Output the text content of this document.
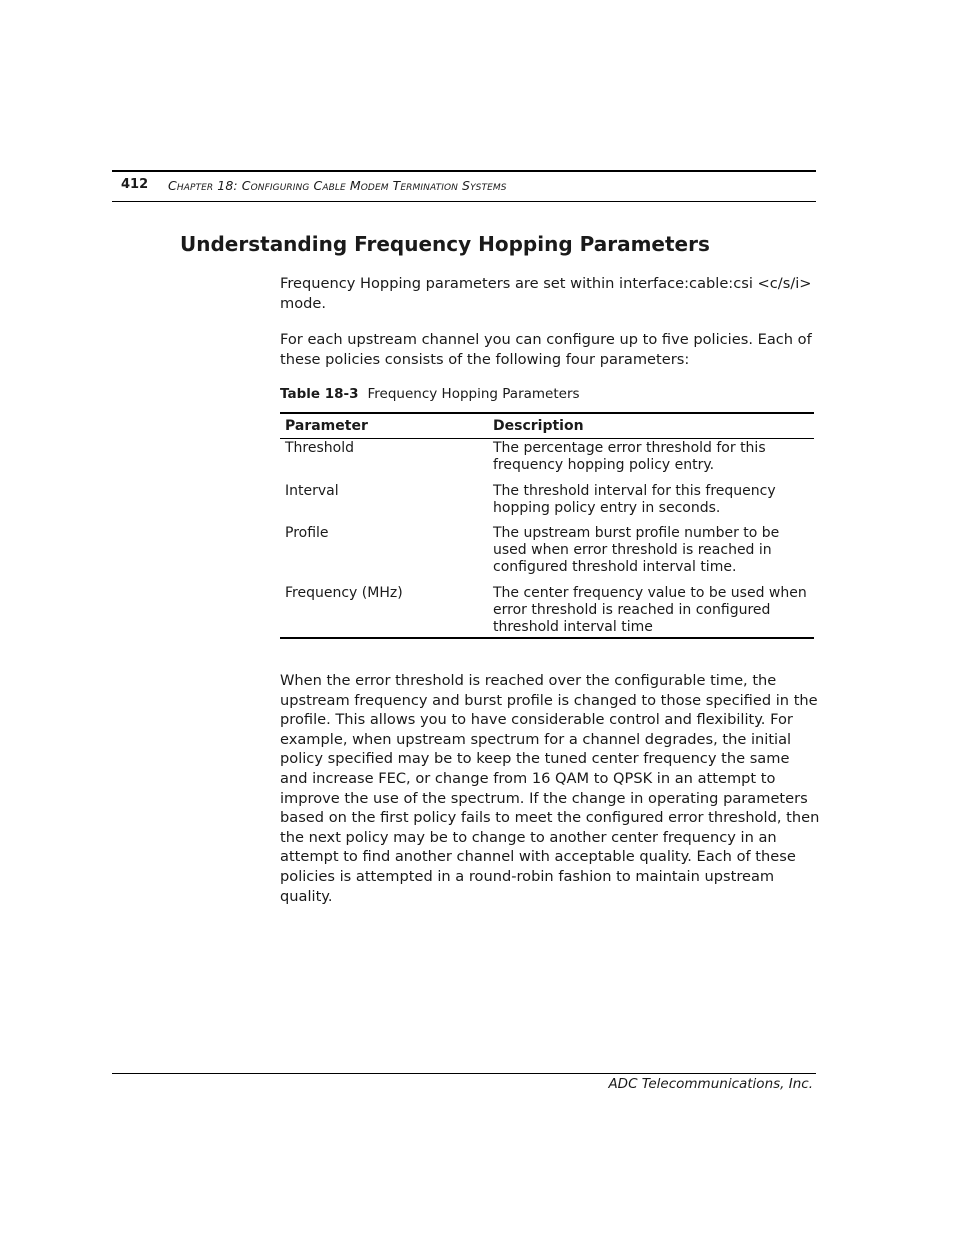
412 Chapter 18: Configuring Cable Modem Termination Systems
Understanding Frequency Hopping Parameters

Frequency Hopping parameters are set within interface:cable:csi <c/s/i> mode.

For each upstream channel you can configure up to five policies. Each of these policies consists of the following four parameters:

Table 18-3 Frequency Hopping Parameters
Parameter	Description
Threshold	The percentage error threshold for this frequency hopping policy entry.
Interval	The threshold interval for this frequency hopping policy entry in seconds.
Profile	The upstream burst profile number to be used when error threshold is reached in configured threshold interval time.
Frequency (MHz)	The center frequency value to be used when error threshold is reached in configured threshold interval time

When the error threshold is reached over the configurable time, the upstream frequency and burst profile is changed to those specified in the profile. This allows you to have considerable control and flexibility. For example, when upstream spectrum for a channel degrades, the initial policy specified may be to keep the tuned center frequency the same and increase FEC, or change from 16 QAM to QPSK in an attempt to improve the use of the spectrum. If the change in operating parameters based on the first policy fails to meet the configured error threshold, then the next policy may be to change to another center frequency in an attempt to find another channel with acceptable quality. Each of these policies is attempted in a round-robin fashion to maintain upstream quality.

ADC Telecommunications, Inc.
